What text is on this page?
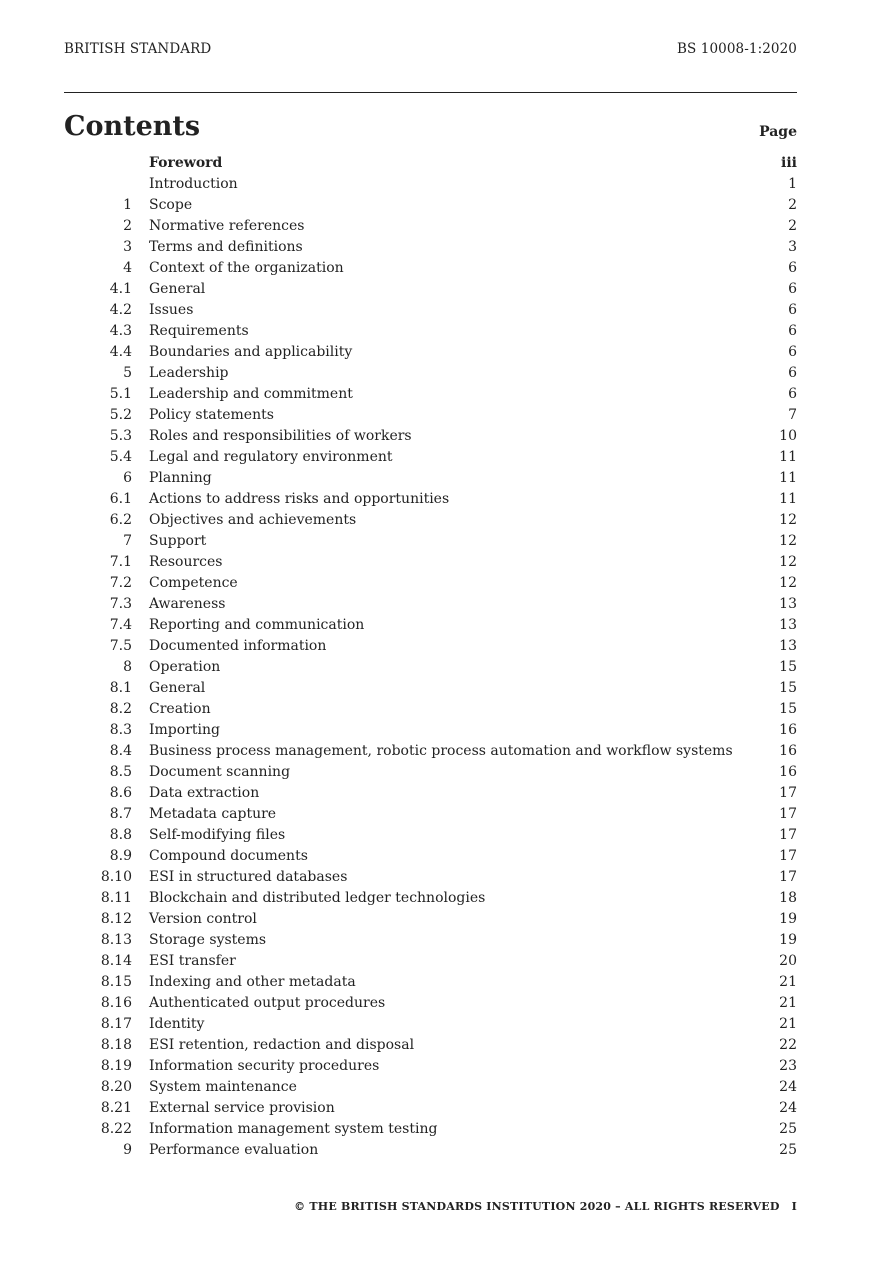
BRITISH STANDARD	BS 10008-1:2020
Contents	Page
Foreword	iii
Introduction	1
1 Scope	2
2 Normative references	2
3 Terms and definitions	3
4 Context of the organization	6
4.1 General	6
4.2 Issues	6
4.3 Requirements	6
4.4 Boundaries and applicability	6
5 Leadership	6
5.1 Leadership and commitment	6
5.2 Policy statements	7
5.3 Roles and responsibilities of workers	10
5.4 Legal and regulatory environment	11
6 Planning	11
6.1 Actions to address risks and opportunities	11
6.2 Objectives and achievements	12
7 Support	12
7.1 Resources	12
7.2 Competence	12
7.3 Awareness	13
7.4 Reporting and communication	13
7.5 Documented information	13
8 Operation	15
8.1 General	15
8.2 Creation	15
8.3 Importing	16
8.4 Business process management, robotic process automation and workflow systems	16
8.5 Document scanning	16
8.6 Data extraction	17
8.7 Metadata capture	17
8.8 Self-modifying files	17
8.9 Compound documents	17
8.10 ESI in structured databases	17
8.11 Blockchain and distributed ledger technologies	18
8.12 Version control	19
8.13 Storage systems	19
8.14 ESI transfer	20
8.15 Indexing and other metadata	21
8.16 Authenticated output procedures	21
8.17 Identity	21
8.18 ESI retention, redaction and disposal	22
8.19 Information security procedures	23
8.20 System maintenance	24
8.21 External service provision	24
8.22 Information management system testing	25
9 Performance evaluation	25
© THE BRITISH STANDARDS INSTITUTION 2020 – ALL RIGHTS RESERVED I
